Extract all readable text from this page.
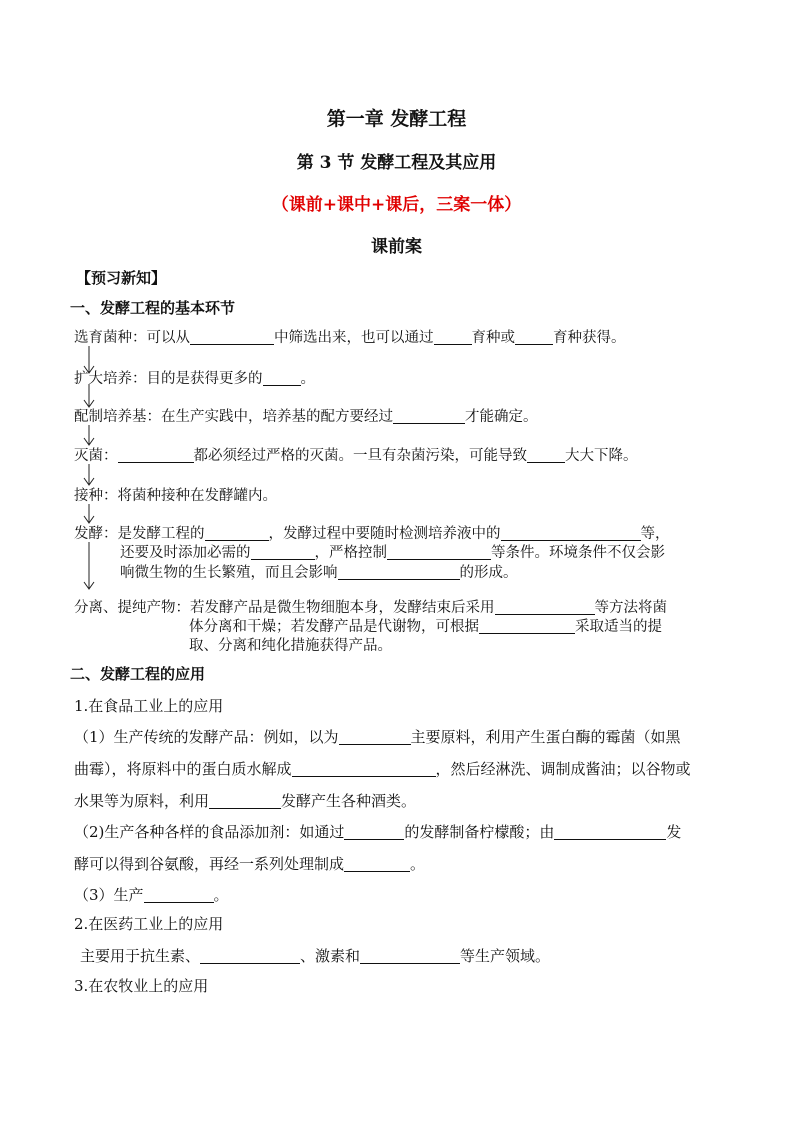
第一章 发酵工程
第 3 节 发酵工程及其应用
（课前+课中+课后，三案一体）
课前案
【预习新知】
一、发酵工程的基本环节
选育菌种：可以从	中筛选出来，也可以通过	育种或	育种获得。
扩大培养：目的是获得更多的	。
配制培养基：在生产实践中，培养基的配方要经过	才能确定。
灭菌：	都必须经过严格的灭菌。一旦有杂菌污染，可能导致	大大下降。
接种：将菌种接种在发酵罐内。
发酵：是发酵工程的	，发酵过程中要随时检测培养液中的	等，
还要及时添加必需的	，严格控制	等条件。环境条件不仅会影
响微生物的生长繁殖，而且会影响	的形成。
分离、提纯产物：若发酵产品是微生物细胞本身，发酵结束后采用	等方法将菌
体分离和干燥；若发酵产品是代谢物，可根据	采取适当的提
取、分离和纯化措施获得产品。
二、发酵工程的应用
1.在食品工业上的应用
（1）生产传统的发酵产品：例如，以为	主要原料，利用产生蛋白酶的霉菌（如黑
曲霉），将原料中的蛋白质水解成	，然后经淋洗、调制成酱油；以谷物或
水果等为原料，利用	发酵产生各种酒类。
（2)生产各种各样的食品添加剂：如通过	的发酵制备柠檬酸；由	发
酵可以得到谷氨酸，再经一系列处理制成	。
（3）生产	。
2.在医药工业上的应用
主要用于抗生素、	、激素和	等生产领域。
3.在农牧业上的应用
